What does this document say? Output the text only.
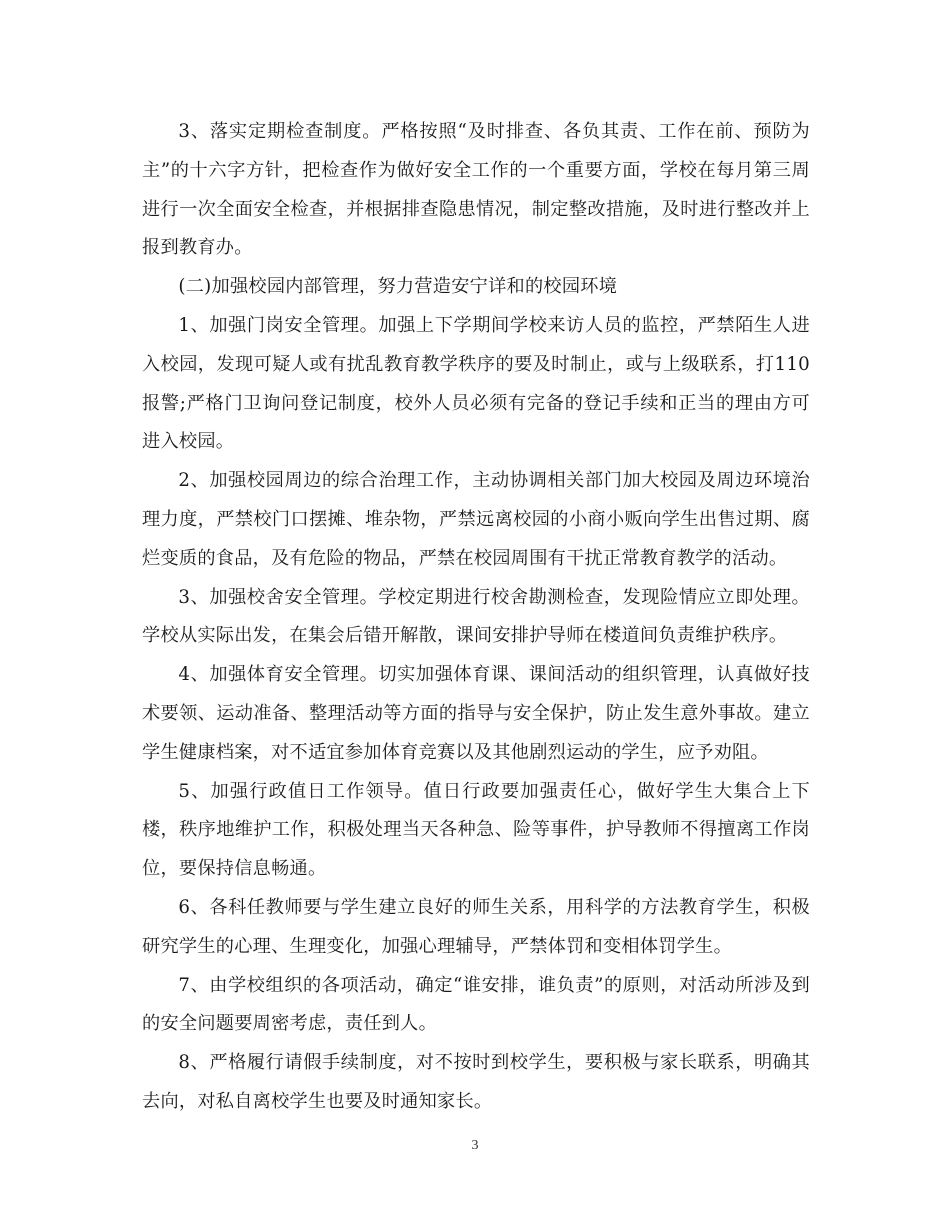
3、落实定期检查制度。严格按照“及时排查、各负其责、工作在前、预防为主”的十六字方针，把检查作为做好安全工作的一个重要方面，学校在每月第三周进行一次全面安全检查，并根据排查隐患情况，制定整改措施，及时进行整改并上报到教育办。

(二)加强校园内部管理，努力营造安宁详和的校园环境

1、加强门岗安全管理。加强上下学期间学校来访人员的监控，严禁陌生人进入校园，发现可疑人或有扰乱教育教学秩序的要及时制止，或与上级联系，打110报警;严格门卫询问登记制度，校外人员必须有完备的登记手续和正当的理由方可进入校园。

2、加强校园周边的综合治理工作，主动协调相关部门加大校园及周边环境治理力度，严禁校门口摆摊、堆杂物，严禁远离校园的小商小贩向学生出售过期、腐烂变质的食品，及有危险的物品，严禁在校园周围有干扰正常教育教学的活动。

3、加强校舍安全管理。学校定期进行校舍勘测检查，发现险情应立即处理。学校从实际出发，在集会后错开解散，课间安排护导师在楼道间负责维护秩序。

4、加强体育安全管理。切实加强体育课、课间活动的组织管理，认真做好技术要领、运动准备、整理活动等方面的指导与安全保护，防止发生意外事故。建立学生健康档案，对不适宜参加体育竞赛以及其他剧烈运动的学生，应予劝阻。

5、加强行政值日工作领导。值日行政要加强责任心，做好学生大集合上下楼，秩序地维护工作，积极处理当天各种急、险等事件，护导教师不得擅离工作岗位，要保持信息畅通。

6、各科任教师要与学生建立良好的师生关系，用科学的方法教育学生，积极研究学生的心理、生理变化，加强心理辅导，严禁体罚和变相体罚学生。

7、由学校组织的各项活动，确定“谁安排，谁负责”的原则，对活动所涉及到的安全问题要周密考虑，责任到人。

8、严格履行请假手续制度，对不按时到校学生，要积极与家长联系，明确其去向，对私自离校学生也要及时通知家长。

3
